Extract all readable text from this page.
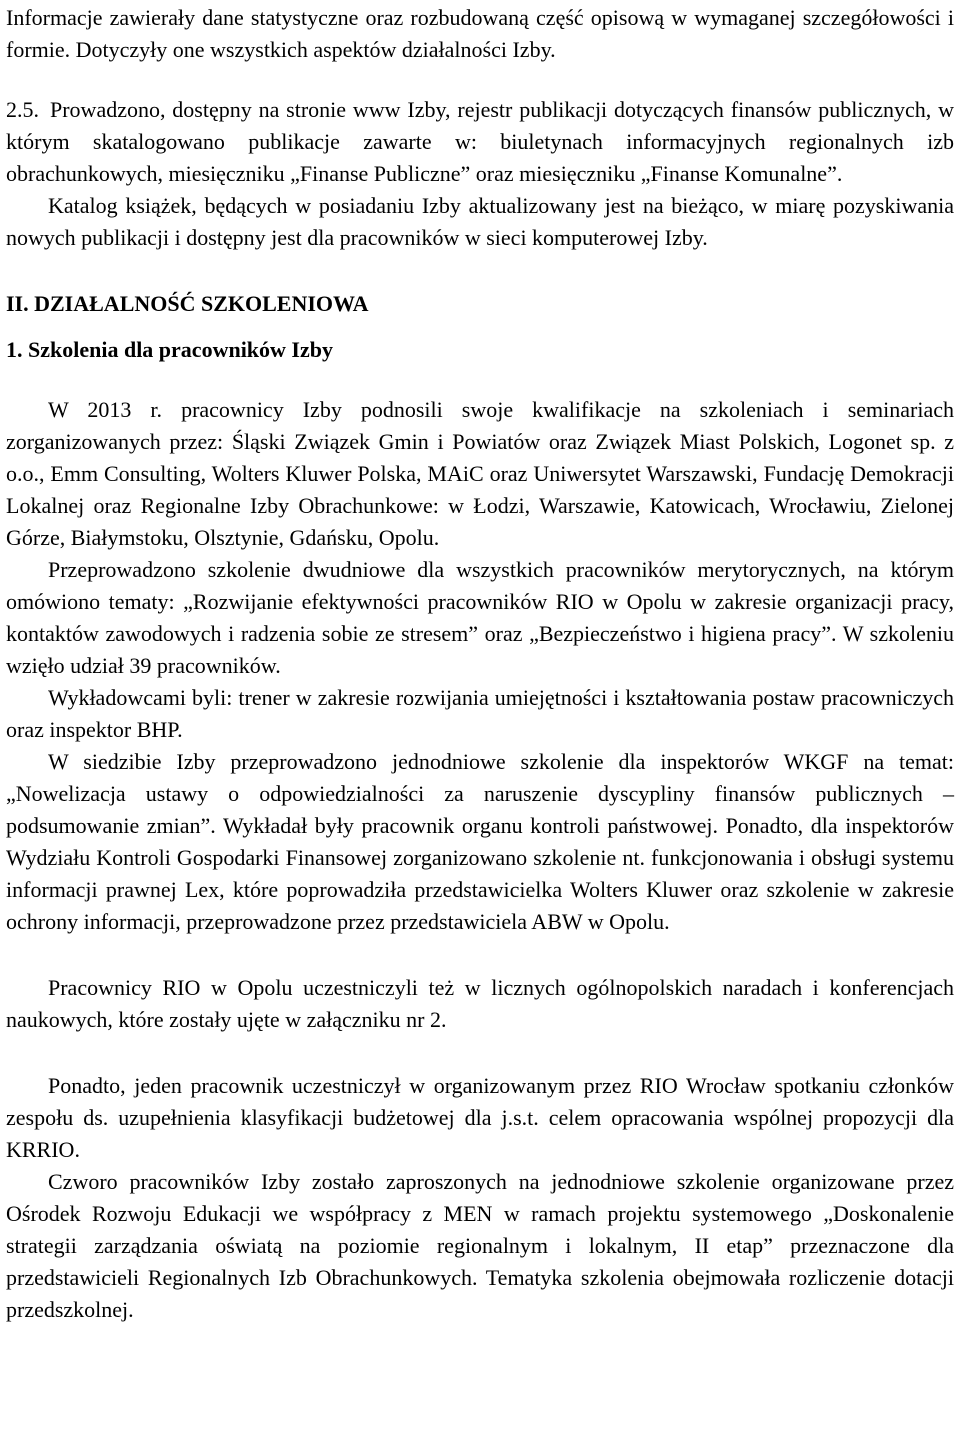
Informacje zawierały dane statystyczne oraz rozbudowaną część opisową w wymaganej szczegółowości i formie. Dotyczyły one wszystkich aspektów działalności Izby.

2.5. Prowadzono, dostępny na stronie www Izby, rejestr publikacji dotyczących finansów publicznych, w którym skatalogowano publikacje zawarte w: biuletynach informacyjnych regionalnych izb obrachunkowych, miesięczniku „Finanse Publiczne” oraz miesięczniku „Finanse Komunalne”.

Katalog książek, będących w posiadaniu Izby aktualizowany jest na bieżąco, w miarę pozyskiwania nowych publikacji i dostępny jest dla pracowników w sieci komputerowej Izby.

II. DZIAŁALNOŚĆ SZKOLENIOWA
1. Szkolenia dla pracowników Izby

W 2013 r. pracownicy Izby podnosili swoje kwalifikacje na szkoleniach i seminariach zorganizowanych przez: Śląski Związek Gmin i Powiatów oraz Związek Miast Polskich, Logonet sp. z o.o., Emm Consulting, Wolters Kluwer Polska, MAiC oraz Uniwersytet Warszawski, Fundację Demokracji Lokalnej oraz Regionalne Izby Obrachunkowe: w Łodzi, Warszawie, Katowicach, Wrocławiu, Zielonej Górze, Białymstoku, Olsztynie, Gdańsku, Opolu.

Przeprowadzono szkolenie dwudniowe dla wszystkich pracowników merytorycznych, na którym omówiono tematy: „Rozwijanie efektywności pracowników RIO w Opolu w zakresie organizacji pracy, kontaktów zawodowych i radzenia sobie ze stresem” oraz „Bezpieczeństwo i higiena pracy”. W szkoleniu wzięło udział 39 pracowników.

Wykładowcami byli: trener w zakresie rozwijania umiejętności i kształtowania postaw pracowniczych oraz inspektor BHP.

W siedzibie Izby przeprowadzono jednodniowe szkolenie dla inspektorów WKGF na temat: „Nowelizacja ustawy o odpowiedzialności za naruszenie dyscypliny finansów publicznych – podsumowanie zmian”. Wykładał były pracownik organu kontroli państwowej. Ponadto, dla inspektorów Wydziału Kontroli Gospodarki Finansowej zorganizowano szkolenie nt. funkcjonowania i obsługi systemu informacji prawnej Lex, które poprowadziła przedstawicielka Wolters Kluwer oraz szkolenie w zakresie ochrony informacji, przeprowadzone przez przedstawiciela ABW w Opolu.

Pracownicy RIO w Opolu uczestniczyli też w licznych ogólnopolskich naradach i konferencjach naukowych, które zostały ujęte w załączniku nr 2.

Ponadto, jeden pracownik uczestniczył w organizowanym przez RIO Wrocław spotkaniu członków zespołu ds. uzupełnienia klasyfikacji budżetowej dla j.s.t. celem opracowania wspólnej propozycji dla KRRIO.

Czworo pracowników Izby zostało zaproszonych na jednodniowe szkolenie organizowane przez Ośrodek Rozwoju Edukacji we współpracy z MEN w ramach projektu systemowego „Doskonalenie strategii zarządzania oświatą na poziomie regionalnym i lokalnym, II etap” przeznaczone dla przedstawicieli Regionalnych Izb Obrachunkowych. Tematyka szkolenia obejmowała rozliczenie dotacji przedszkolnej.
